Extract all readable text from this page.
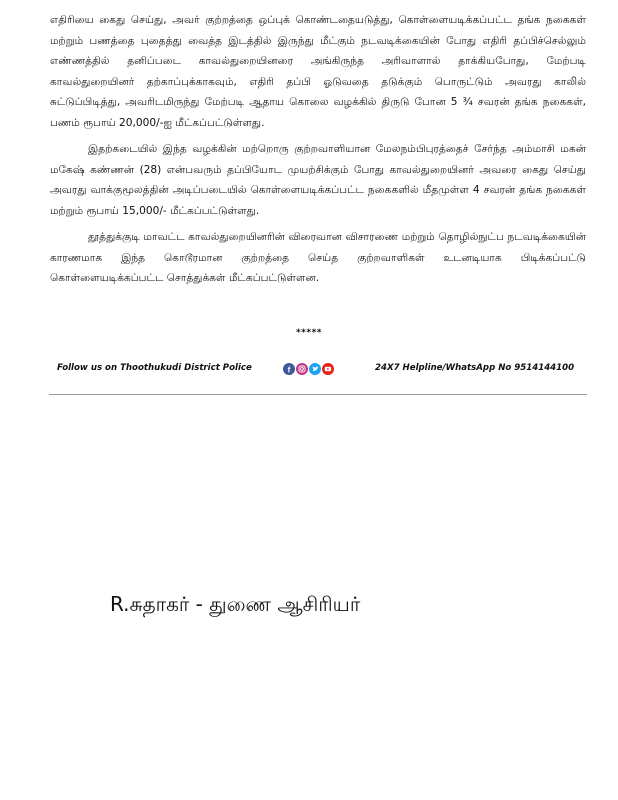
எதிரியை கைது செய்து, அவர் குற்றத்தை ஒப்புக் கொண்டதையடுத்து, கொள்ளையடிக்கப்பட்ட தங்க நகைகள் மற்றும் பணத்தை புதைத்து வைத்த இடத்தில் இருந்து மீட்கும் நடவடிக்கையின் போது எதிரி தப்பிச்செல்லும் எண்ணத்தில் தனிப்படை காவல்துறையினரை அங்கிருந்த அரிவாளால் தாக்கியபோது, மேற்படி காவல்துறையினர் தற்காப்புக்காகவும், எதிரி தப்பி ஓடுவதை தடுக்கும் பொருட்டும் அவரது காலில் சுட்டுப்பிடித்து, அவரிடமிருந்து மேற்படி ஆதாய கொலை வழக்கில் திருடு போன 5 ¾ சவரன் தங்க நகைகள், பணம் ரூபாய் 20,000/-ஐ மீட்கப்பட்டுள்ளது.

இதற்கடையில் இந்த வழக்கின் மற்றொரு குற்றவாளியான மேலநம்பிபுரத்தைச் சேர்ந்த அம்மாசி மகன் மகேஷ் கண்ணன் (28) என்பவரும் தப்பியோட முயற்சிக்கும் போது காவல்துறையினர் அவரை கைது செய்து அவரது வாக்குமூலத்தின் அடிப்படையில் கொள்ளையடிக்கப்பட்ட நகைகளில் மீதமுள்ள 4 சவரன் தங்க நகைகள் மற்றும் ரூபாய் 15,000/- மீட்கப்பட்டுள்ளது.

தூத்துக்குடி மாவட்ட காவல்துறையினரின் விரைவான விசாரணை மற்றும் தொழில்நுட்ப நடவடிக்கையின் காரணமாக இந்த கொடூரமான குற்றத்தை செய்த குற்றவாளிகள் உடனடியாக பிடிக்கப்பட்டு கொள்ளையடிக்கப்பட்ட சொத்துக்கள் மீட்கப்பட்டுள்ளன.

*****
Follow us on Thoothukudi District Police	f	24X7 Helpline/WhatsApp No 9514144100
R.சுதாகர் - துணை ஆசிரியர்
